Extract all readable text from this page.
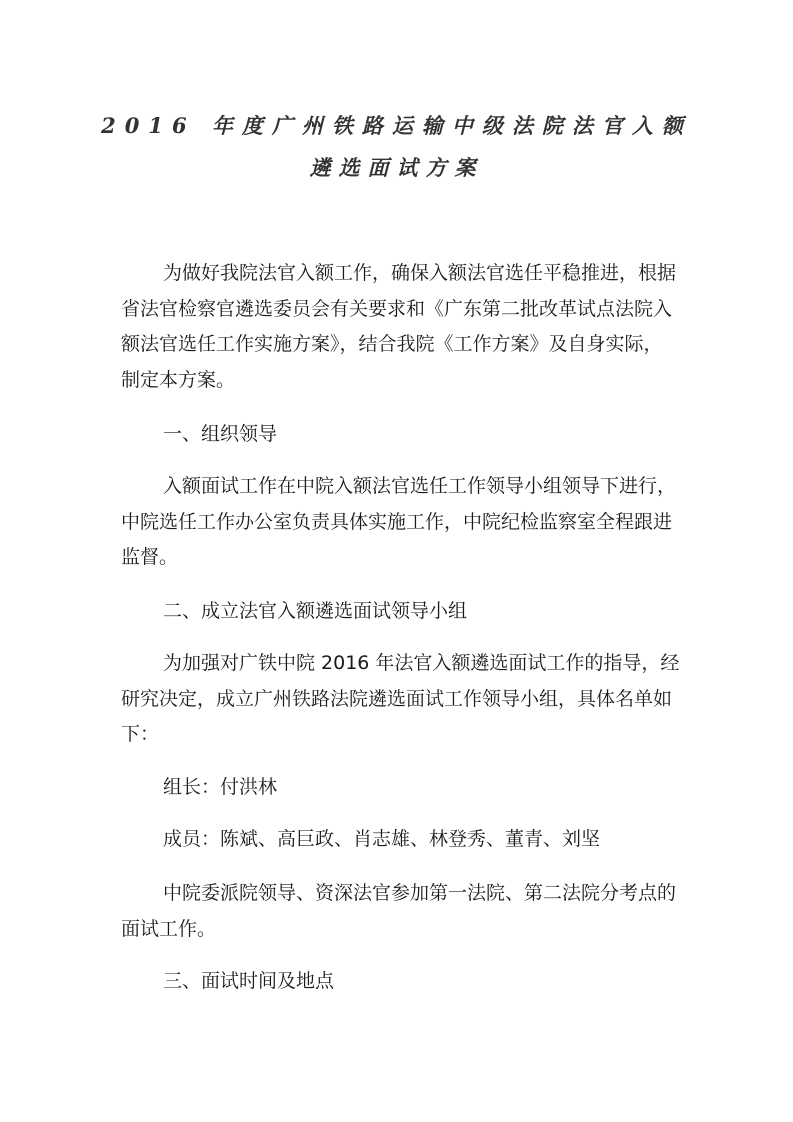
2016 年度广州铁路运输中级法院法官入额
遴选面试方案

为做好我院法官入额工作，确保入额法官选任平稳推进，根据省法官检察官遴选委员会有关要求和《广东第二批改革试点法院入额法官选任工作实施方案》，结合我院《工作方案》及自身实际，制定本方案。

一、组织领导

入额面试工作在中院入额法官选任工作领导小组领导下进行，中院选任工作办公室负责具体实施工作，中院纪检监察室全程跟进监督。

二、成立法官入额遴选面试领导小组

为加强对广铁中院 2016 年法官入额遴选面试工作的指导，经研究决定，成立广州铁路法院遴选面试工作领导小组，具体名单如下：

组长：付洪林

成员：陈斌、高巨政、肖志雄、林登秀、董青、刘坚

中院委派院领导、资深法官参加第一法院、第二法院分考点的面试工作。

三、面试时间及地点
